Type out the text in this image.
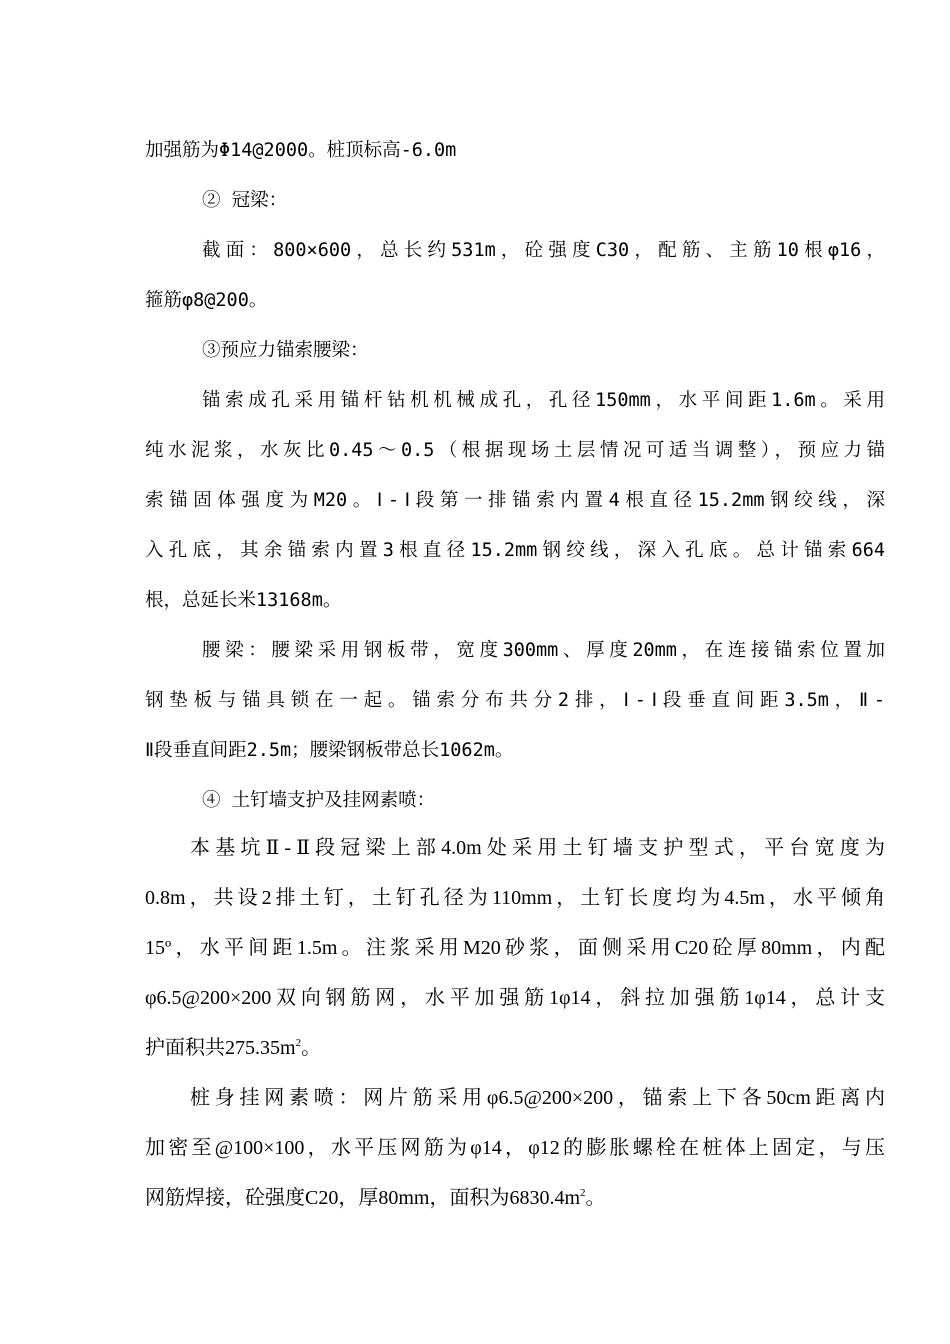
加强筋为Φ14@2000。桩顶标高-6.0m
② 冠梁：
截面：800×600，总长约531m，砼强度C30，配筋、主筋10根φ16，
箍筋φ8@200。
③预应力锚索腰梁：
锚索成孔采用锚杆钻机机械成孔，孔径150mm，水平间距1.6m。采用
纯水泥浆，水灰比0.45～0.5（根据现场土层情况可适当调整），预应力锚
索锚固体强度为M20。Ⅰ-Ⅰ段第一排锚索内置4根直径15.2mm钢绞线，深
入孔底，其余锚索内置3根直径15.2mm钢绞线，深入孔底。总计锚索664
根，总延长米13168m。
腰梁：腰梁采用钢板带，宽度300mm、厚度20mm，在连接锚索位置加
钢垫板与锚具锁在一起。锚索分布共分2排，Ⅰ-Ⅰ段垂直间距3.5m，Ⅱ-
Ⅱ段垂直间距2.5m；腰梁钢板带总长1062m。
④ 土钉墙支护及挂网素喷：
本基坑Ⅱ-Ⅱ段冠梁上部4.0m处采用土钉墙支护型式，平台宽度为
0.8m，共设2排土钉，土钉孔径为110mm，土钉长度均为4.5m，水平倾角
15º，水平间距1.5m。注浆采用M20砂浆，面侧采用C20砼厚80mm，内配
φ6.5@200×200双向钢筋网，水平加强筋1φ14，斜拉加强筋1φ14，总计支
护面积共$275.35m^2$。
桩身挂网素喷：网片筋采用φ6.5@200×200，锚索上下各50cm距离内
加密至@100×100，水平压网筋为φ14，φ12的膨胀螺栓在桩体上固定，与压
网筋焊接，砼强度C20，厚80mm，面积为$6830.4m^2$。
